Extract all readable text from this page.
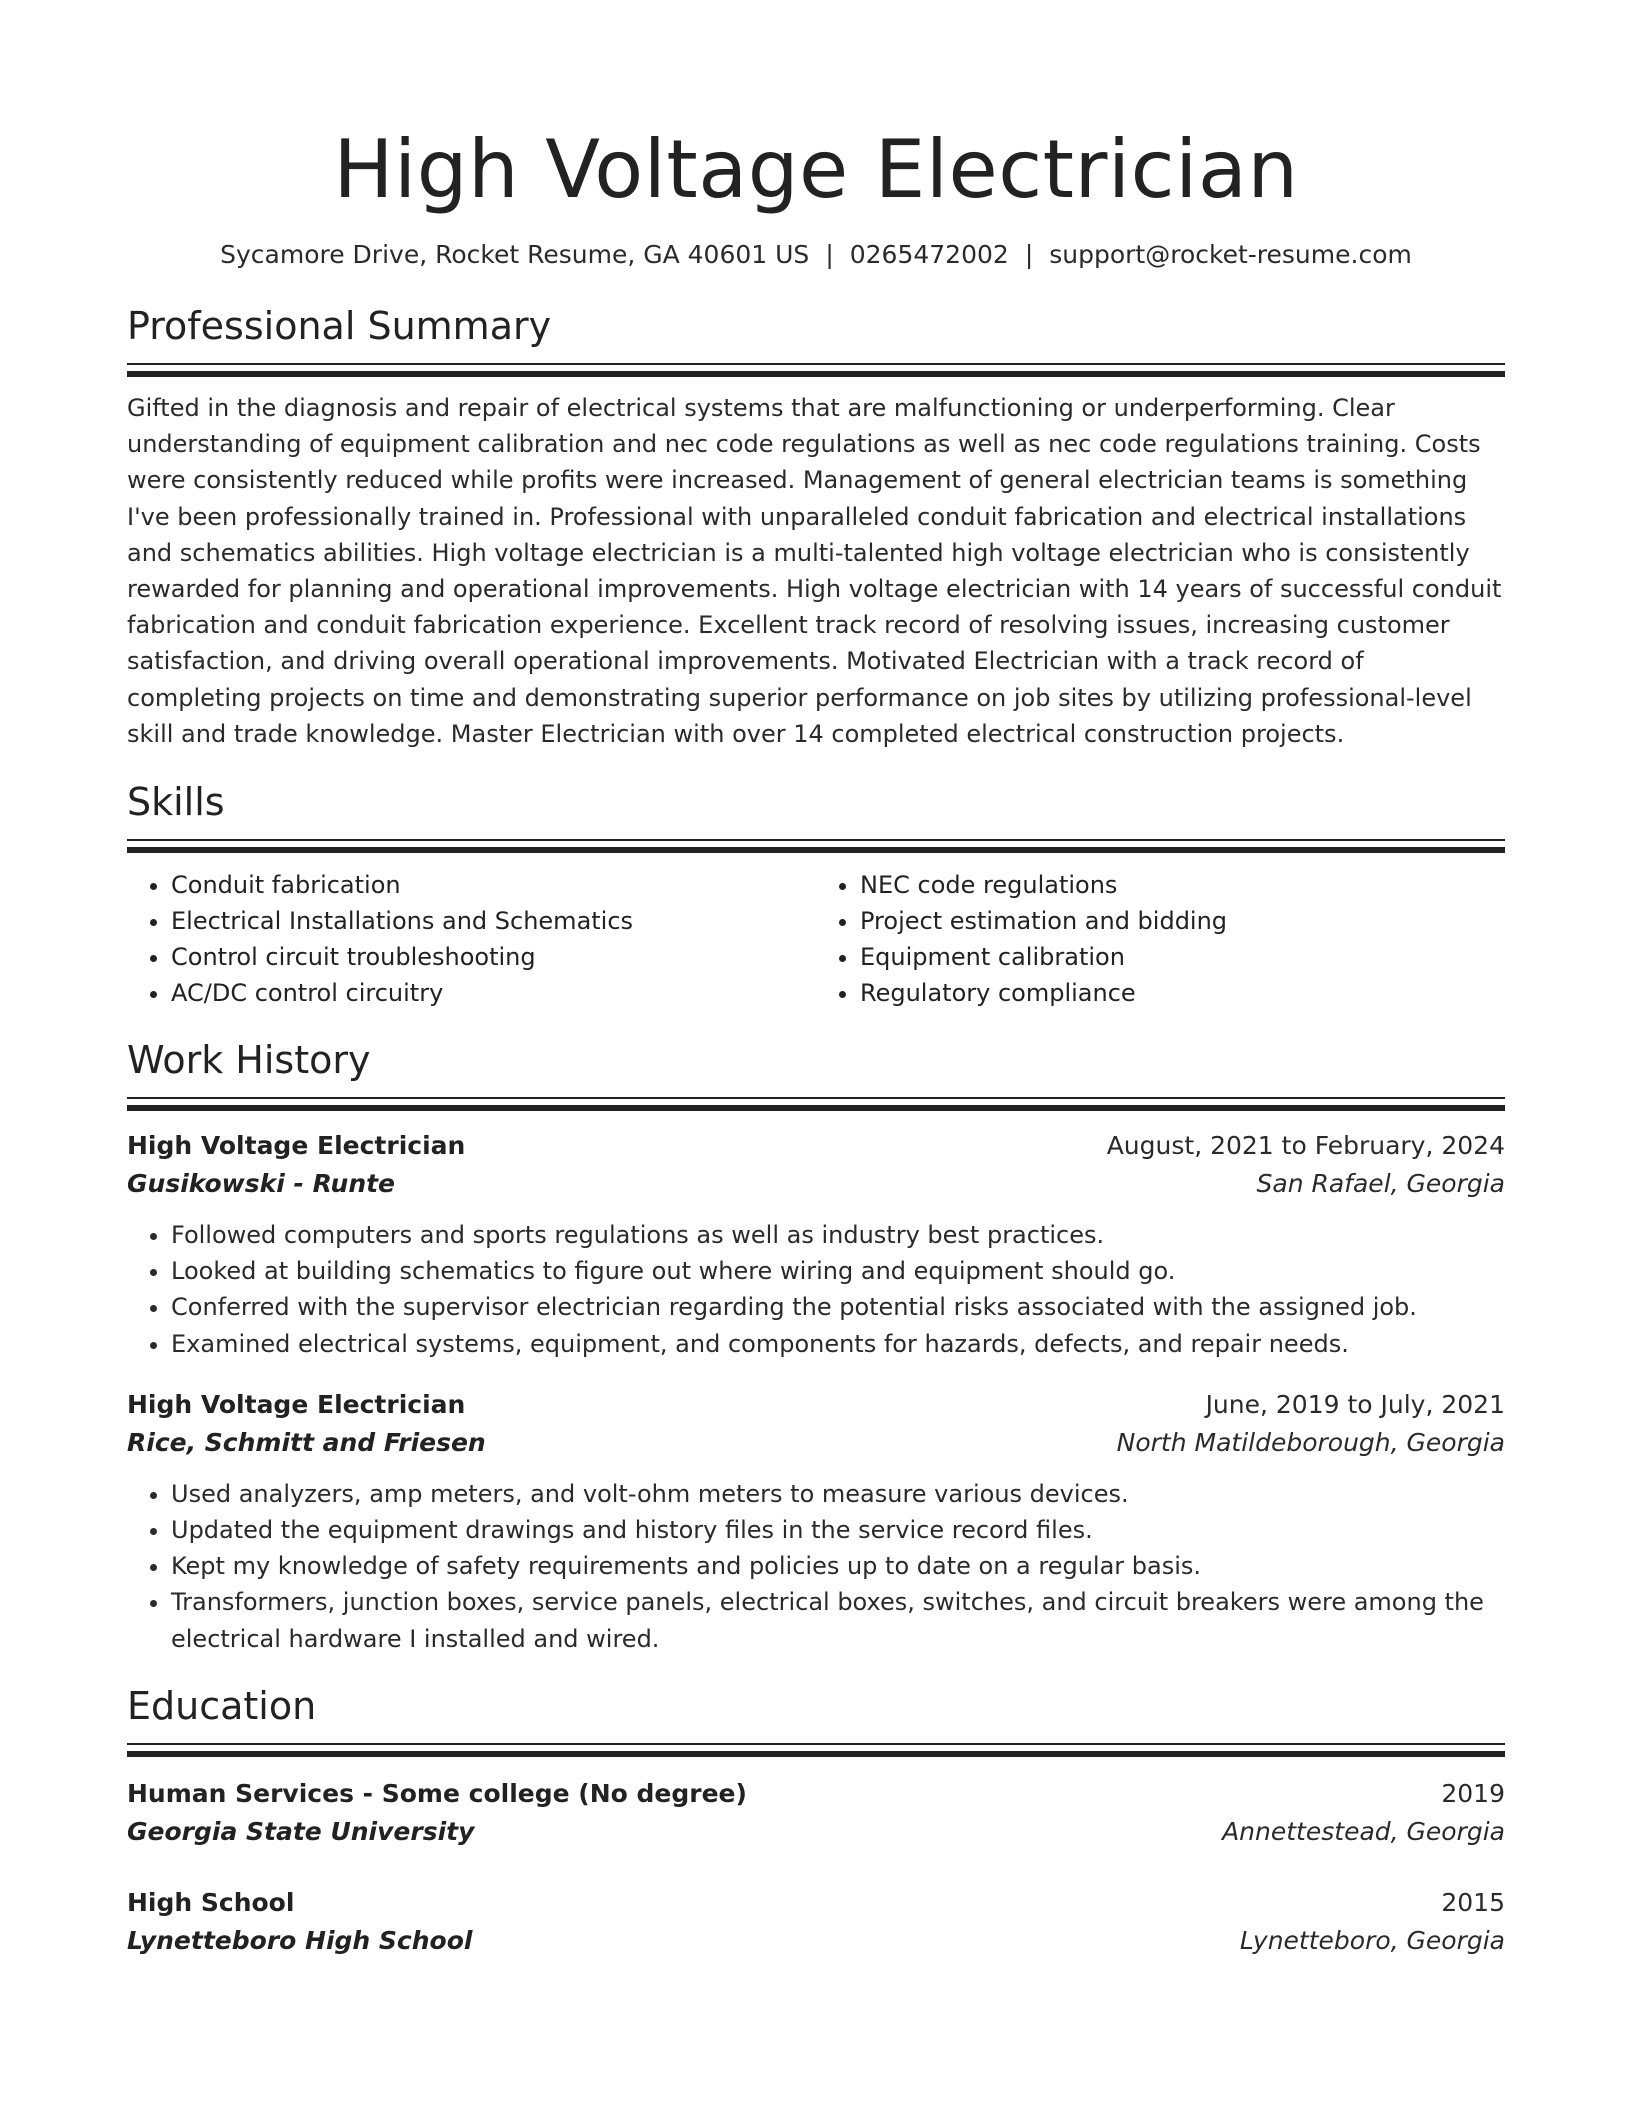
High Voltage Electrician
Sycamore Drive, Rocket Resume, GA 40601 US | 0265472002 | support@rocket-resume.com
Professional Summary

Gifted in the diagnosis and repair of electrical systems that are malfunctioning or underperforming. Clear understanding of equipment calibration and nec code regulations as well as nec code regulations training. Costs were consistently reduced while profits were increased. Management of general electrician teams is something I've been professionally trained in. Professional with unparalleled conduit fabrication and electrical installations and schematics abilities. High voltage electrician is a multi-talented high voltage electrician who is consistently rewarded for planning and operational improvements. High voltage electrician with 14 years of successful conduit fabrication and conduit fabrication experience. Excellent track record of resolving issues, increasing customer satisfaction, and driving overall operational improvements. Motivated Electrician with a track record of completing projects on time and demonstrating superior performance on job sites by utilizing professional-level skill and trade knowledge. Master Electrician with over 14 completed electrical construction projects.

Skills
• Conduit fabrication
• Electrical Installations and Schematics
• Control circuit troubleshooting
• AC/DC control circuitry
• NEC code regulations
• Project estimation and bidding
• Equipment calibration
• Regulatory compliance
Work History
High Voltage Electrician	August, 2021 to February, 2024
Gusikowski - Runte	San Rafael, Georgia
• Followed computers and sports regulations as well as industry best practices.
• Looked at building schematics to figure out where wiring and equipment should go.
• Conferred with the supervisor electrician regarding the potential risks associated with the assigned job.
• Examined electrical systems, equipment, and components for hazards, defects, and repair needs.
High Voltage Electrician	June, 2019 to July, 2021
Rice, Schmitt and Friesen	North Matildeborough, Georgia
• Used analyzers, amp meters, and volt-ohm meters to measure various devices.
• Updated the equipment drawings and history files in the service record files.
• Kept my knowledge of safety requirements and policies up to date on a regular basis.
• Transformers, junction boxes, service panels, electrical boxes, switches, and circuit breakers were among the electrical hardware I installed and wired.
Education
Human Services - Some college (No degree)	2019
Georgia State University	Annettestead, Georgia
High School	2015
Lynetteboro High School	Lynetteboro, Georgia
